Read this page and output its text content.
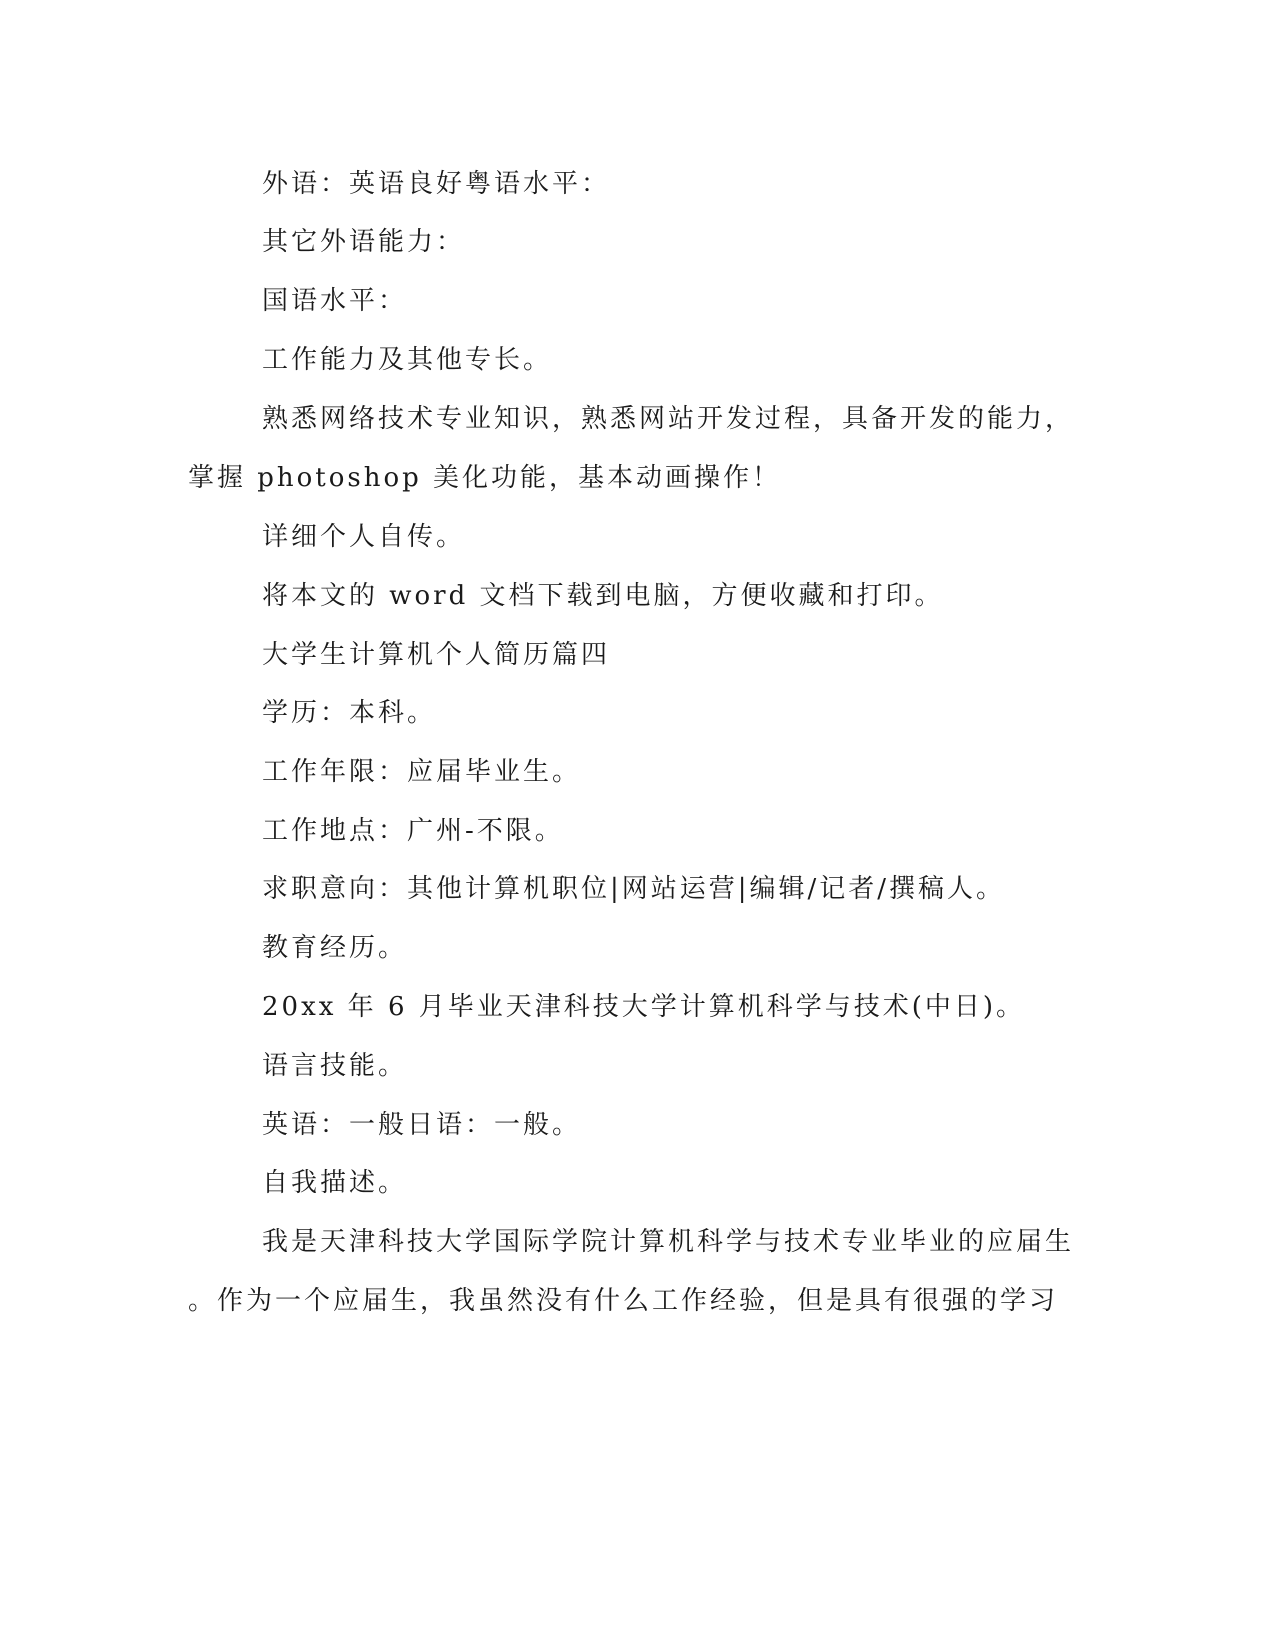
外语：英语良好粤语水平：

其它外语能力：

国语水平：

工作能力及其他专长。

熟悉网络技术专业知识，熟悉网站开发过程，具备开发的能力，

掌握 photoshop 美化功能，基本动画操作！

详细个人自传。

将本文的 word 文档下载到电脑，方便收藏和打印。

大学生计算机个人简历篇四

学历：本科。

工作年限：应届毕业生。

工作地点：广州-不限。

求职意向：其他计算机职位|网站运营|编辑/记者/撰稿人。

教育经历。

20xx 年 6 月毕业天津科技大学计算机科学与技术(中日)。

语言技能。

英语：一般日语：一般。

自我描述。

我是天津科技大学国际学院计算机科学与技术专业毕业的应届生

。作为一个应届生，我虽然没有什么工作经验，但是具有很强的学习
